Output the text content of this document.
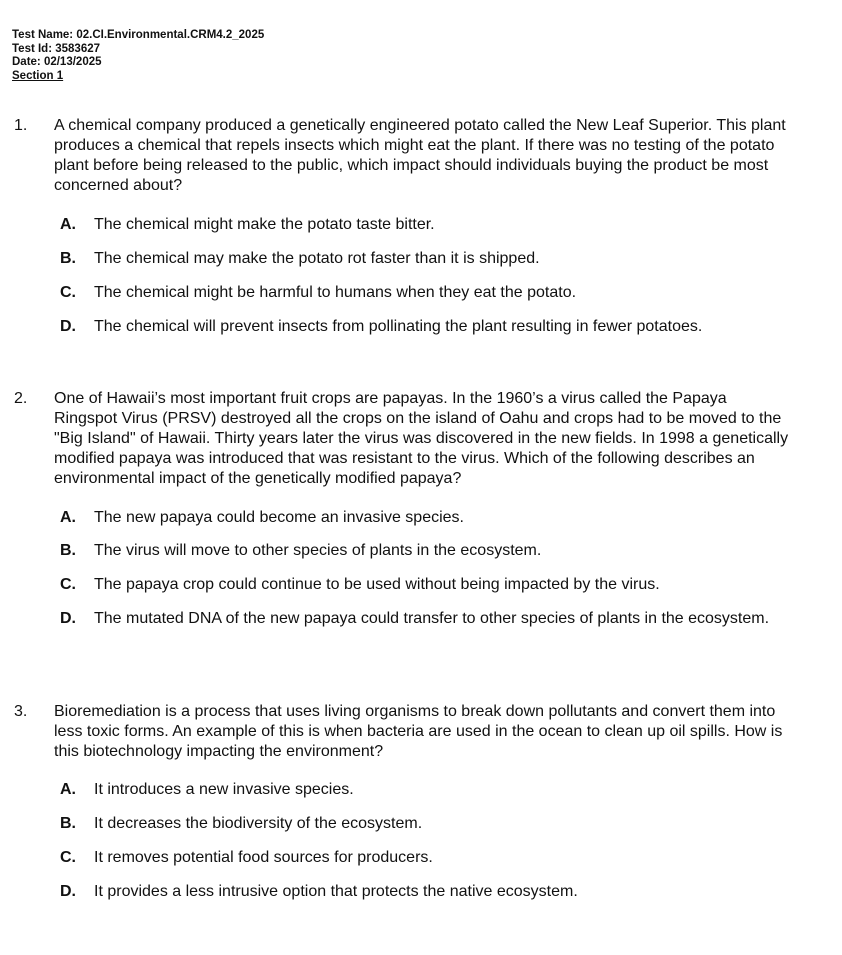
Test Name: 02.CI.Environmental.CRM4.2_2025
Test Id: 3583627
Date: 02/13/2025
Section 1
1. A chemical company produced a genetically engineered potato called the New Leaf Superior. This plant produces a chemical that repels insects which might eat the plant. If there was no testing of the potato plant before being released to the public, which impact should individuals buying the product be most concerned about?
A. The chemical might make the potato taste bitter.
B. The chemical may make the potato rot faster than it is shipped.
C. The chemical might be harmful to humans when they eat the potato.
D. The chemical will prevent insects from pollinating the plant resulting in fewer potatoes.
2. One of Hawaii’s most important fruit crops are papayas. In the 1960’s a virus called the Papaya Ringspot Virus (PRSV) destroyed all the crops on the island of Oahu and crops had to be moved to the "Big Island" of Hawaii. Thirty years later the virus was discovered in the new fields. In 1998 a genetically modified papaya was introduced that was resistant to the virus. Which of the following describes an environmental impact of the genetically modified papaya?
A. The new papaya could become an invasive species.
B. The virus will move to other species of plants in the ecosystem.
C. The papaya crop could continue to be used without being impacted by the virus.
D. The mutated DNA of the new papaya could transfer to other species of plants in the ecosystem.
3. Bioremediation is a process that uses living organisms to break down pollutants and convert them into less toxic forms. An example of this is when bacteria are used in the ocean to clean up oil spills. How is this biotechnology impacting the environment?
A. It introduces a new invasive species.
B. It decreases the biodiversity of the ecosystem.
C. It removes potential food sources for producers.
D. It provides a less intrusive option that protects the native ecosystem.
